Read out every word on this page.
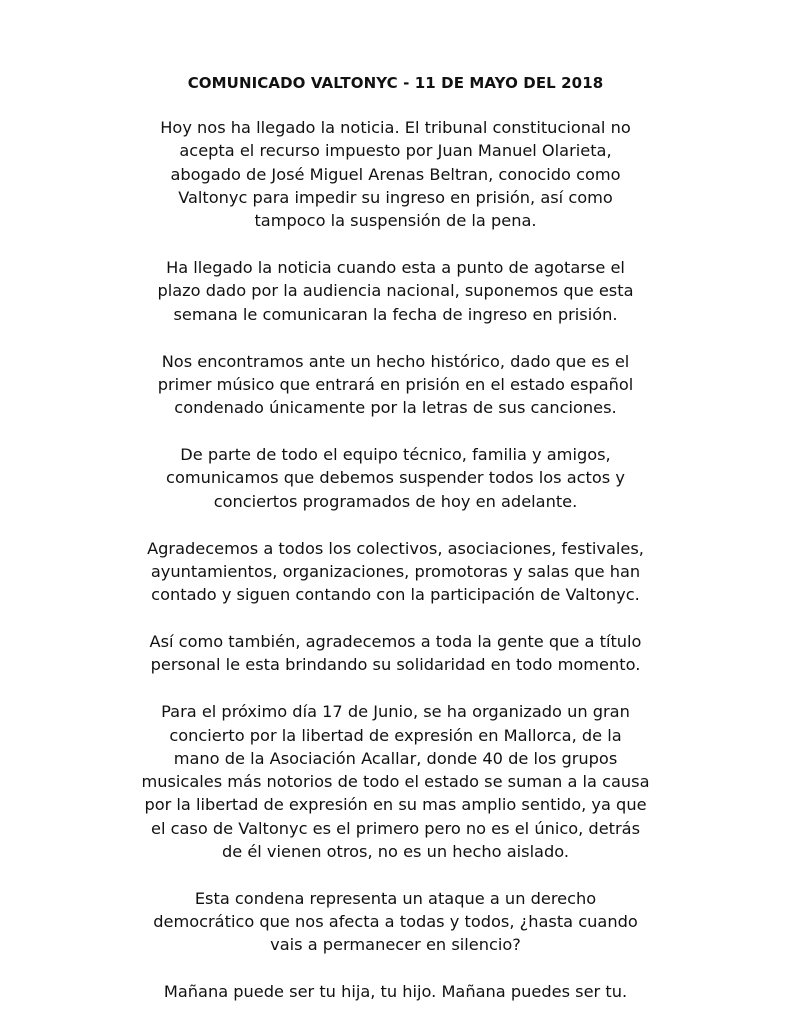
COMUNICADO VALTONYC - 11 DE MAYO DEL 2018

Hoy nos ha llegado la noticia. El tribunal constitucional no
acepta el recurso impuesto por Juan Manuel Olarieta,
abogado de José Miguel Arenas Beltran, conocido como
Valtonyc para impedir su ingreso en prisión, así como
tampoco la suspensión de la pena.

Ha llegado la noticia cuando esta a punto de agotarse el
plazo dado por la audiencia nacional, suponemos que esta
semana le comunicaran la fecha de ingreso en prisión.

Nos encontramos ante un hecho histórico, dado que es el
primer músico que entrará en prisión en el estado español
condenado únicamente por la letras de sus canciones.

De parte de todo el equipo técnico, familia y amigos,
comunicamos que debemos suspender todos los actos y
conciertos programados de hoy en adelante.

Agradecemos a todos los colectivos, asociaciones, festivales,
ayuntamientos, organizaciones, promotoras y salas que han
contado y siguen contando con la participación de Valtonyc.

Así como también, agradecemos a toda la gente que a título
personal le esta brindando su solidaridad en todo momento.

Para el próximo día 17 de Junio, se ha organizado un gran
concierto por la libertad de expresión en Mallorca, de la
mano de la Asociación Acallar, donde 40 de los grupos
musicales más notorios de todo el estado se suman a la causa
por la libertad de expresión en su mas amplio sentido, ya que
el caso de Valtonyc es el primero pero no es el único, detrás
de él vienen otros, no es un hecho aislado.

Esta condena representa un ataque a un derecho
democrático que nos afecta a todas y todos, ¿hasta cuando
vais a permanecer en silencio?

Mañana puede ser tu hija, tu hijo. Mañana puedes ser tu.
